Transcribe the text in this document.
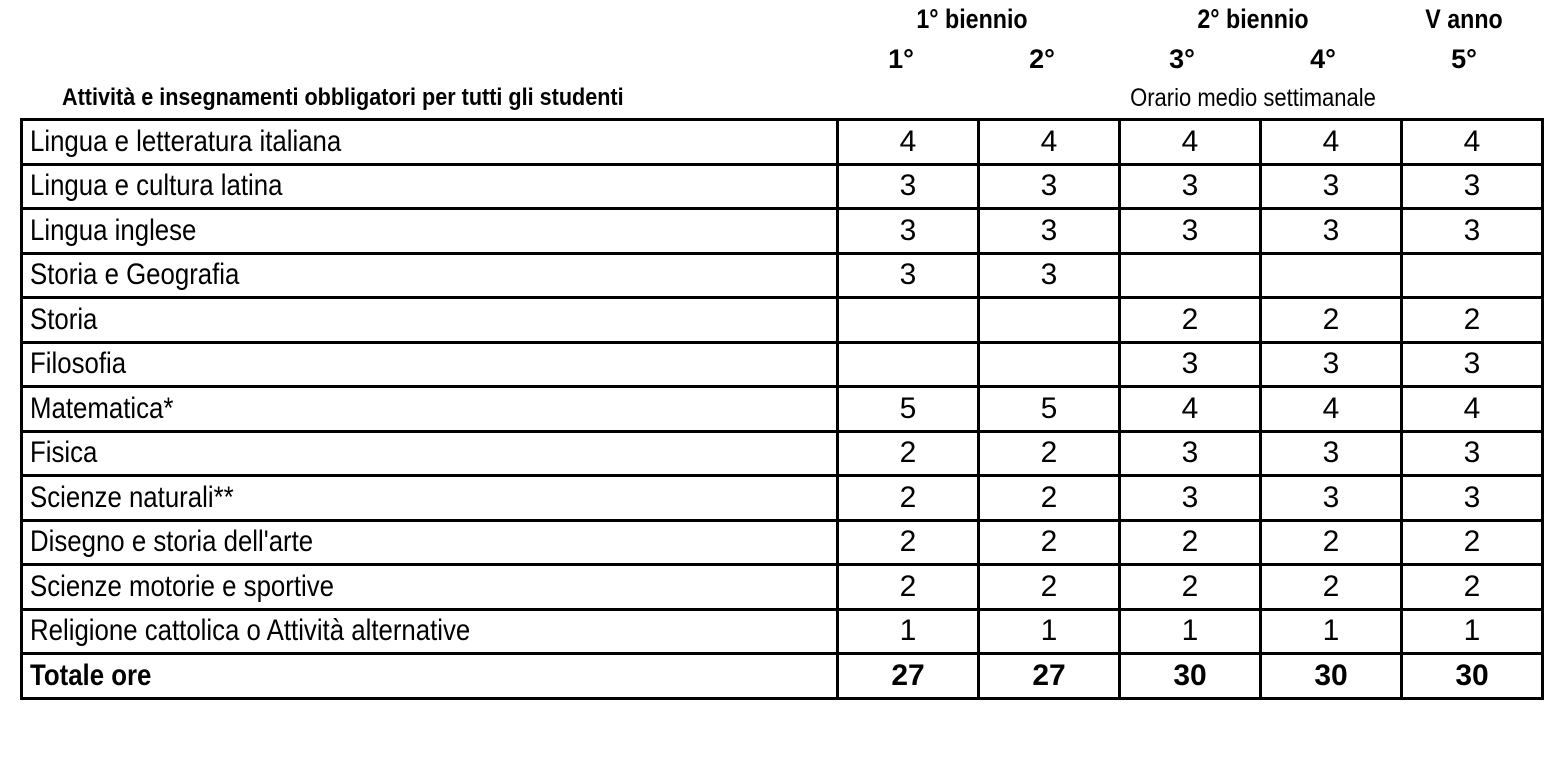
1° biennio	2° biennio	V anno
1°	2°	3°	4°	5°
Attività e insegnamenti obbligatori per tutti gli studenti	Orario medio settimanale
Lingua e letteratura italiana	4	4	4	4	4
Lingua e cultura latina	3	3	3	3	3
Lingua inglese	3	3	3	3	3
Storia e Geografia	3	3			
Storia			2	2	2
Filosofia			3	3	3
Matematica*	5	5	4	4	4
Fisica	2	2	3	3	3
Scienze naturali**	2	2	3	3	3
Disegno e storia dell'arte	2	2	2	2	2
Scienze motorie e sportive	2	2	2	2	2
Religione cattolica o Attività alternative	1	1	1	1	1
Totale ore	27	27	30	30	30
